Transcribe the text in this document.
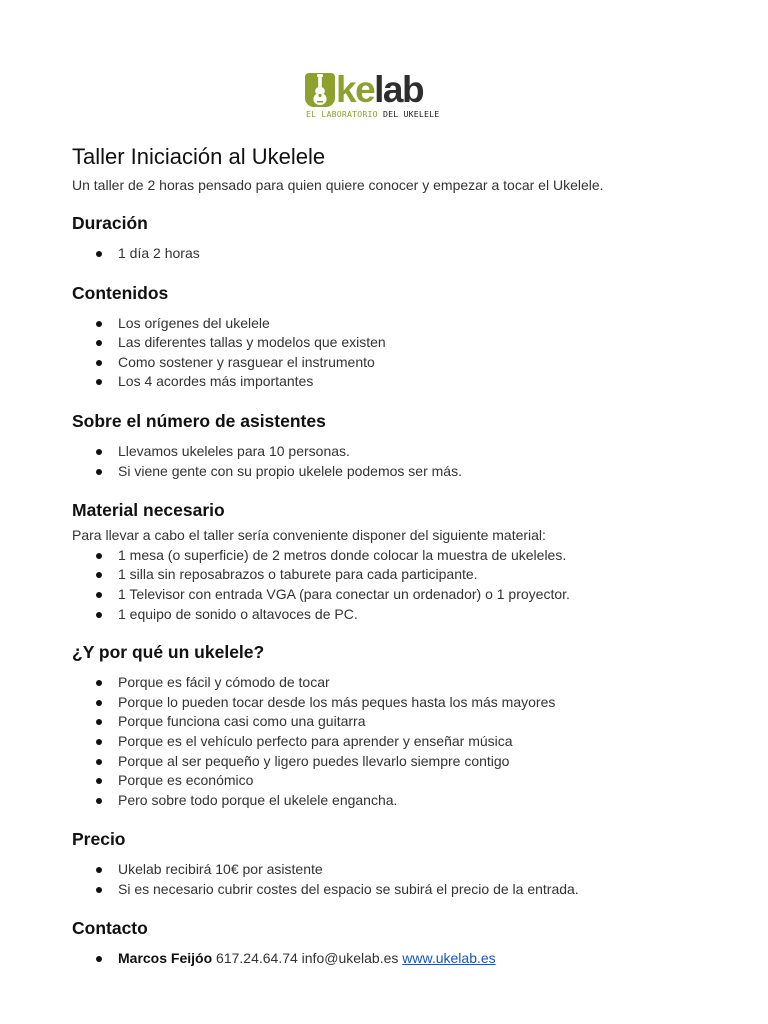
kelab
EL LABORATORIO DEL UKELELE
Taller Iniciación al Ukelele

Un taller de 2 horas pensado para quien quiere conocer y empezar a tocar el Ukelele.

Duración
1 día 2 horas
Contenidos
Los orígenes del ukelele
Las diferentes tallas y modelos que existen
Como sostener y rasguear el instrumento
Los 4 acordes más importantes
Sobre el número de asistentes
Llevamos ukeleles para 10 personas.
Si viene gente con su propio ukelele podemos ser más.
Material necesario

Para llevar a cabo el taller sería conveniente disponer del siguiente material:

1 mesa (o superficie) de 2 metros donde colocar la muestra de ukeleles.
1 silla sin reposabrazos o taburete para cada participante.
1 Televisor con entrada VGA (para conectar un ordenador) o 1 proyector.
1 equipo de sonido o altavoces de PC.
¿Y por qué un ukelele?
Porque es fácil y cómodo de tocar
Porque lo pueden tocar desde los más peques hasta los más mayores
Porque funciona casi como una guitarra
Porque es el vehículo perfecto para aprender y enseñar música
Porque al ser pequeño y ligero puedes llevarlo siempre contigo
Porque es económico
Pero sobre todo porque el ukelele engancha.
Precio
Ukelab recibirá 10€ por asistente
Si es necesario cubrir costes del espacio se subirá el precio de la entrada.
Contacto
Marcos Feijóo 617.24.64.74 info@ukelab.es www.ukelab.es
